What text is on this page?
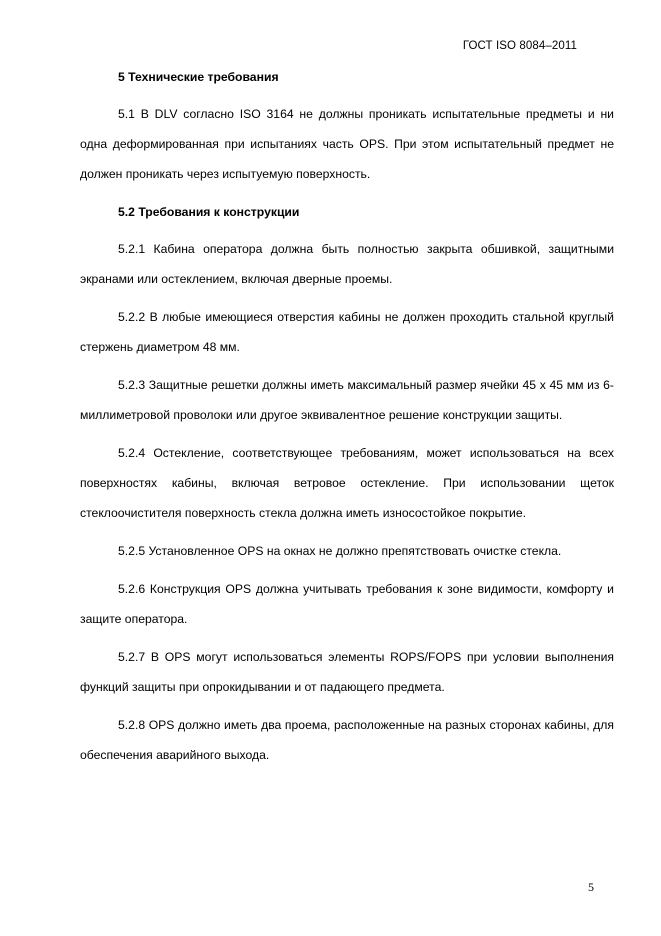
ГОСТ ISO 8084–2011
5 Технические требования
5.1 В DLV согласно ISO 3164 не должны проникать испытательные предметы и ни одна деформированная при испытаниях часть OPS. При этом испытательный предмет не должен проникать через испытуемую поверхность.
5.2 Требования к конструкции
5.2.1 Кабина оператора должна быть полностью закрыта обшивкой, защитными экранами или остеклением, включая дверные проемы.
5.2.2 В любые имеющиеся отверстия кабины не должен проходить стальной круглый стержень диаметром 48 мм.
5.2.3 Защитные решетки должны иметь максимальный размер ячейки 45 х 45 мм из 6-миллиметровой проволоки или другое эквивалентное решение конструкции защиты.
5.2.4 Остекление, соответствующее требованиям, может использоваться на всех поверхностях кабины, включая ветровое остекление. При использовании щеток стеклоочистителя поверхность стекла должна иметь износостойкое покрытие.
5.2.5 Установленное OPS на окнах не должно препятствовать очистке стекла.
5.2.6 Конструкция OPS должна учитывать требования к зоне видимости, комфорту и защите оператора.
5.2.7 В OPS могут использоваться элементы ROPS/FOPS при условии выполнения функций защиты при опрокидывании и от падающего предмета.
5.2.8 OPS должно иметь два проема, расположенные на разных сторонах кабины, для обеспечения аварийного выхода.
5
